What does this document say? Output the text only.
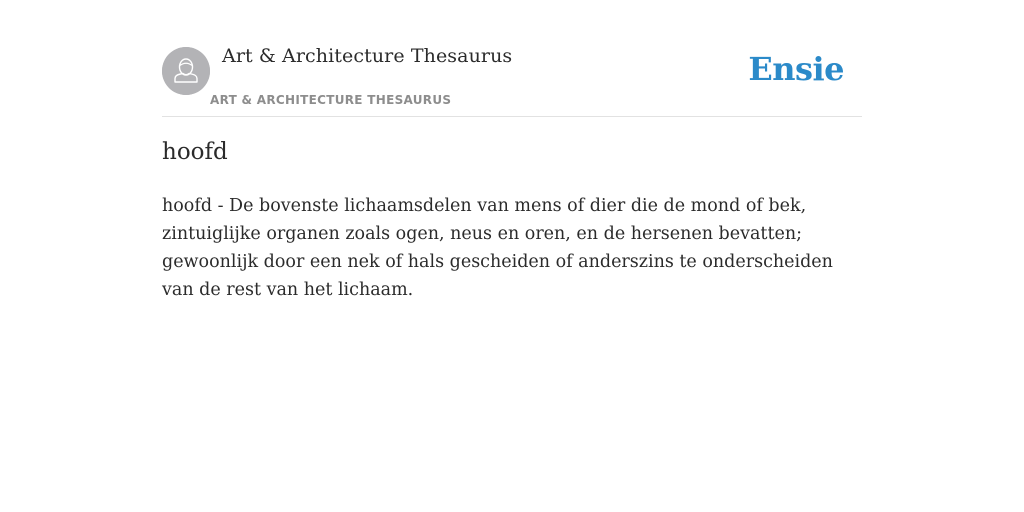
Art & Architecture Thesaurus
ART & ARCHITECTURE THESAURUS
Ensie
hoofd

hoofd - De bovenste lichaamsdelen van mens of dier die de mond of bek, zintuiglijke organen zoals ogen, neus en oren, en de hersenen bevatten; gewoonlijk door een nek of hals gescheiden of anderszins te onderscheiden van de rest van het lichaam.
